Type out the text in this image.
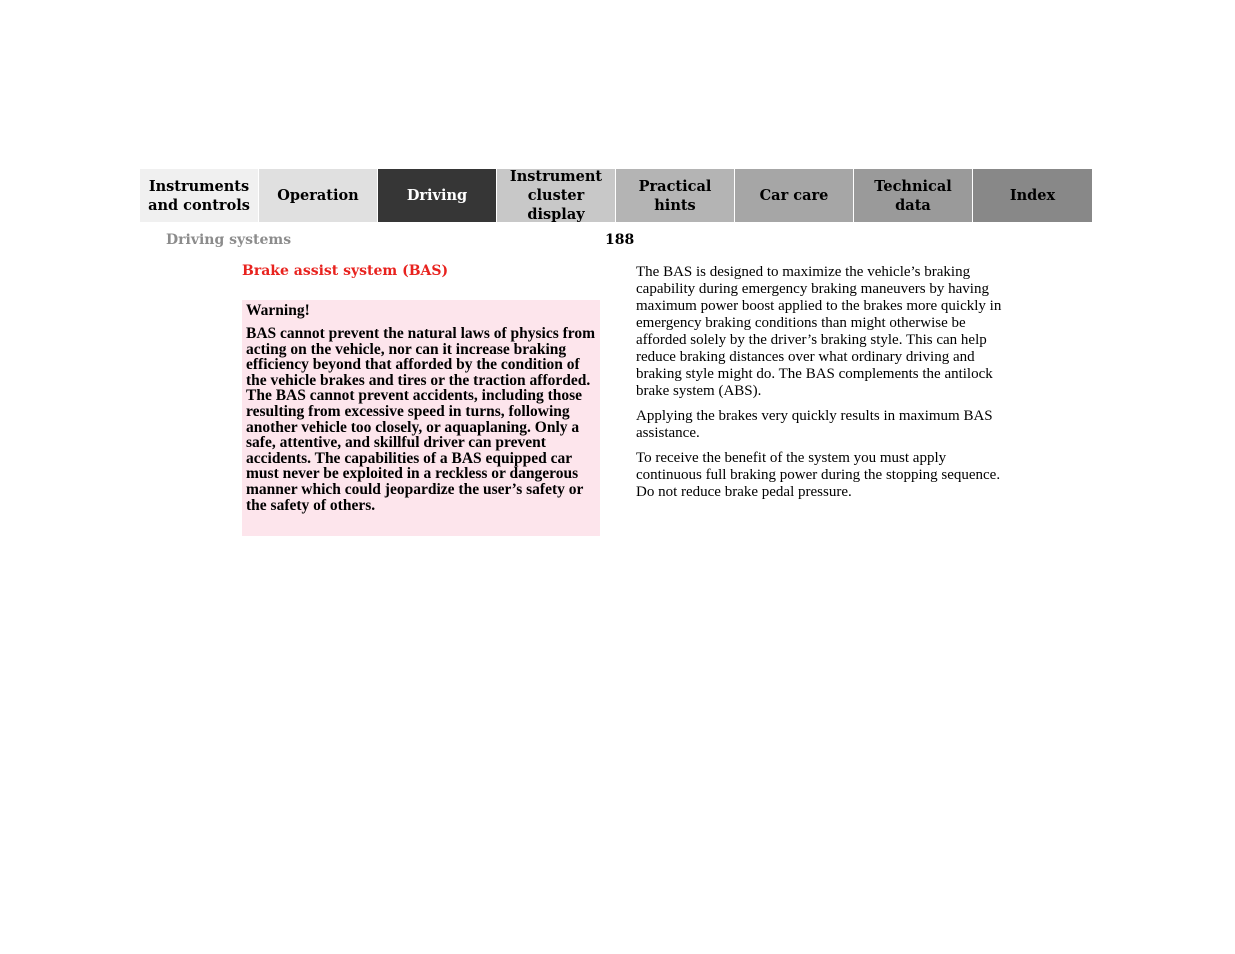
Instruments
and controls
Operation	Driving
Instrument
cluster display
Practical hints
Car care
Technical
data
Index
Driving systems	188
Brake assist system (BAS)

Warning!

BAS cannot prevent the natural laws of physics from acting on the vehicle, nor can it increase braking efficiency beyond that afforded by the condition of the vehicle brakes and tires or the traction afforded. The BAS cannot prevent accidents, including those resulting from excessive speed in turns, following another vehicle too closely, or aquaplaning. Only a safe, attentive, and skillful driver can prevent accidents. The capabilities of a BAS equipped car must never be exploited in a reckless or dangerous manner which could jeopardize the user’s safety or the safety of others.

The BAS is designed to maximize the vehicle’s braking capability during emergency braking maneuvers by having maximum power boost applied to the brakes more quickly in emergency braking conditions than might otherwise be afforded solely by the driver’s braking style. This can help reduce braking distances over what ordinary driving and braking style might do. The BAS complements the antilock brake system (ABS).

Applying the brakes very quickly results in maximum BAS assistance.

To receive the benefit of the system you must apply continuous full braking power during the stopping sequence. Do not reduce brake pedal pressure.
